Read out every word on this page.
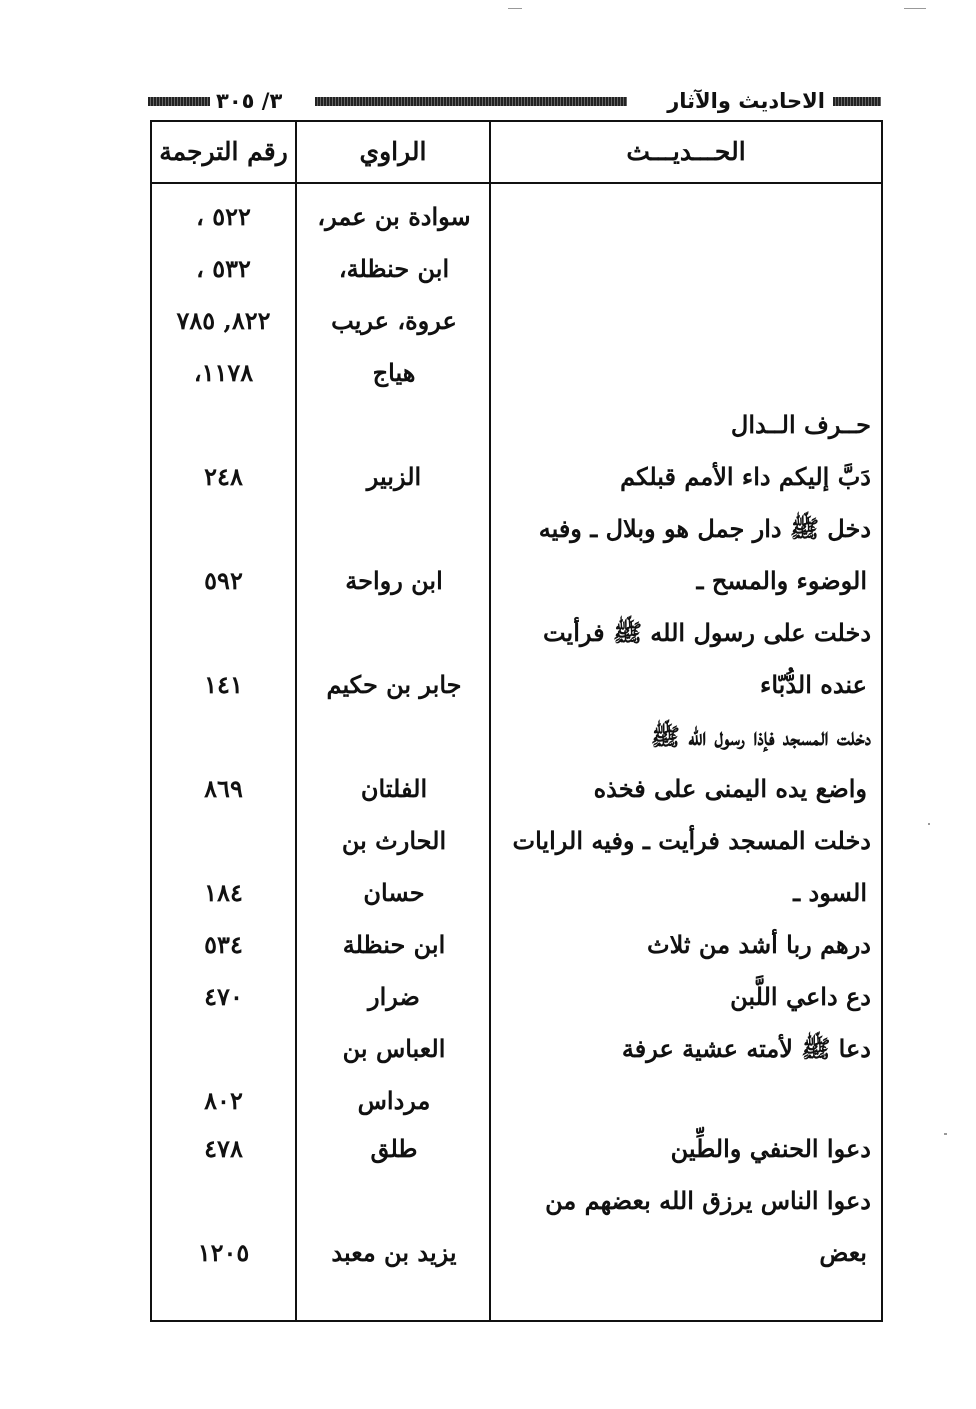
الاحاديث والآثار
٣/ ٣٠٥
الحـــديـــث
الراوي
رقم الترجمة
سوادة بن عمر،
٥٢٢ ،
ابن حنظلة،
٥٣٢ ،
عروة، عريب
٨٢٢, ٧٨٥
هياج
١١٧٨،
حــرف الــدال
دَبَّ إليكم داء الأمم قبلكم
الزبير
٢٤٨
دخل ﷺ دار جمل هو وبلال ـ وفيه
الوضوء والمسح ـ
ابن رواحة
٥٩٢
دخلت على رسول الله ﷺ فرأيت
عنده الدُّبّاء
جابر بن حكيم
١٤١
دخلت المسجد فإذا رسول الله ﷺ
واضع يده اليمنى على فخذه
الفلتان
٨٦٩
دخلت المسجد فرأيت ـ وفيه الرايات
الحارث بن
السود ـ
حسان
١٨٤
درهم ربا أشد من ثلاث
ابن حنظلة
٥٣٤
دع داعي اللَّبن
ضرار
٤٧٠
دعا ﷺ لأمته عشية عرفة
العباس بن
مرداس
٨٠٢
دعوا الحنفي والطِّين
طلق
٤٧٨
دعوا الناس يرزق الله بعضهم من
بعض
يزيد بن معبد
١٢٠٥
